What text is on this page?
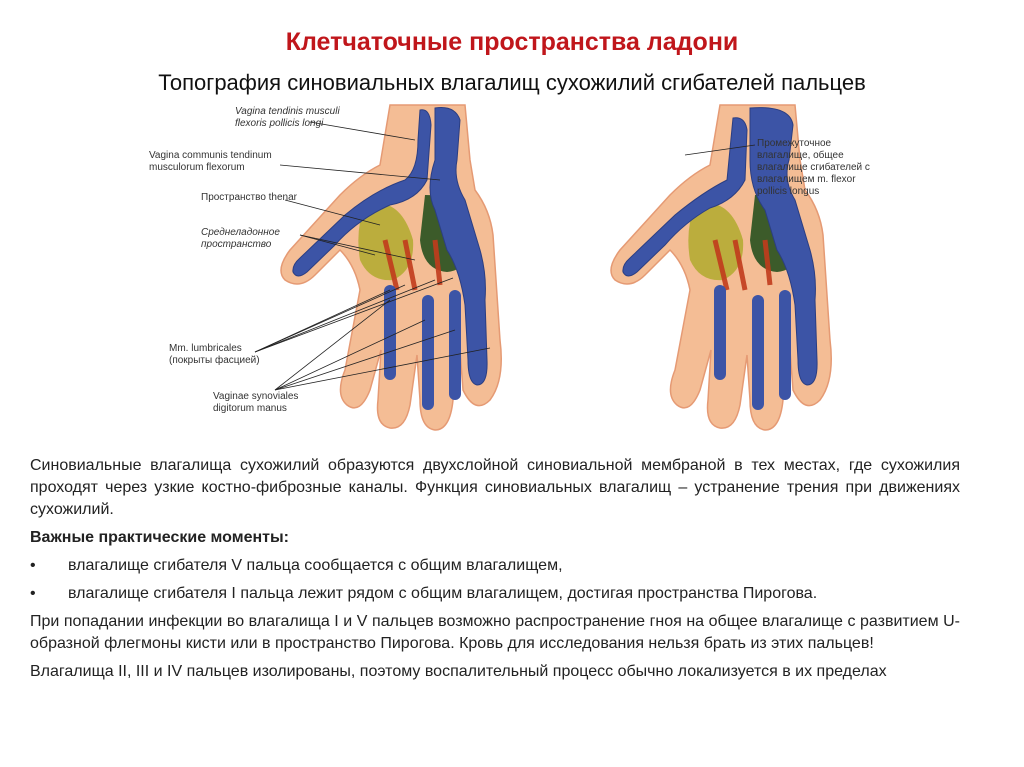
Клетчаточные пространства ладони
Топография синовиальных влагалищ сухожилий сгибателей пальцев
Vagina tendinis musculi
flexoris pollicis longi
Vagina communis tendinum
musculorum flexorum
Пространство thenar
Среднеладонное
пространство
Mm. lumbricales
(покрыты фасцией)
Vaginae synoviales
digitorum manus
Промежуточное
влагалище, общее
влагалище сгибателей с
влагалищем m. flexor
pollicis longus

Синовиальные влагалища сухожилий образуются двухслойной синовиальной мембраной в тех местах, где сухожилия проходят через узкие костно-фиброзные каналы. Функция синовиальных влагалищ – устранение трения при движениях сухожилий.

Важные практические моменты:

•	влагалище сгибателя V пальца сообщается с общим влагалищем,
•	влагалище сгибателя I пальца лежит рядом с общим влагалищем, достигая пространства Пирогова.

При попадании инфекции во влагалища I и V пальцев возможно распространение гноя на общее влагалище с развитием U-образной флегмоны кисти или в пространство Пирогова. Кровь для исследования нельзя брать из этих пальцев!

Влагалища II, III и IV пальцев изолированы, поэтому воспалительный процесс обычно локализуется в их пределах
